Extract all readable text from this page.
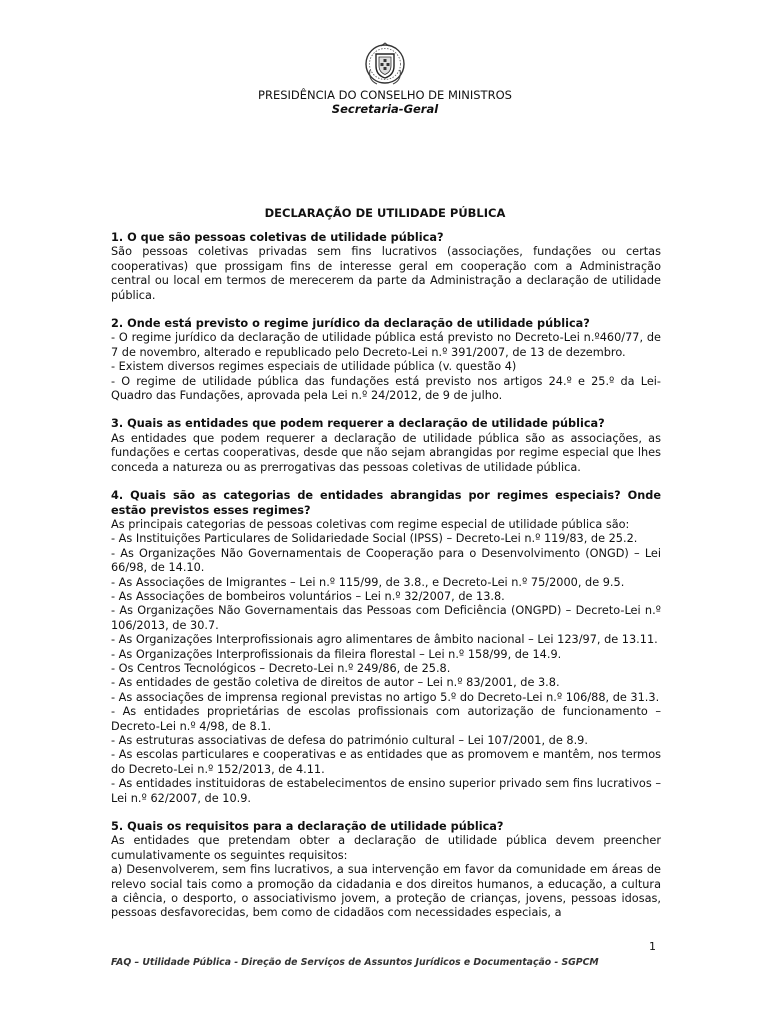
PRESIDÊNCIA DO CONSELHO DE MINISTROS
Secretaria-Geral
DECLARAÇÃO DE UTILIDADE PÚBLICA
1. O que são pessoas coletivas de utilidade pública?

São pessoas coletivas privadas sem fins lucrativos (associações, fundações ou certas cooperativas) que prossigam fins de interesse geral em cooperação com a Administração central ou local em termos de merecerem da parte da Administração a declaração de utilidade pública.

2. Onde está previsto o regime jurídico da declaração de utilidade pública?

- O regime jurídico da declaração de utilidade pública está previsto no Decreto-Lei n.º460/77, de 7 de novembro, alterado e republicado pelo Decreto-Lei n.º 391/2007, de 13 de dezembro.

- Existem diversos regimes especiais de utilidade pública (v. questão 4)

- O regime de utilidade pública das fundações está previsto nos artigos 24.º e 25.º da Lei-Quadro das Fundações, aprovada pela Lei n.º 24/2012, de 9 de julho.

3. Quais as entidades que podem requerer a declaração de utilidade pública?

As entidades que podem requerer a declaração de utilidade pública são as associações, as fundações e certas cooperativas, desde que não sejam abrangidas por regime especial que lhes conceda a natureza ou as prerrogativas das pessoas coletivas de utilidade pública.

4. Quais são as categorias de entidades abrangidas por regimes especiais? Onde estão previstos esses regimes?

As principais categorias de pessoas coletivas com regime especial de utilidade pública são:

- As Instituições Particulares de Solidariedade Social (IPSS) – Decreto-Lei n.º 119/83, de 25.2.

- As Organizações Não Governamentais de Cooperação para o Desenvolvimento (ONGD) – Lei 66/98, de 14.10.

- As Associações de Imigrantes – Lei n.º 115/99, de 3.8., e Decreto-Lei n.º 75/2000, de 9.5.

- As Associações de bombeiros voluntários – Lei n.º 32/2007, de 13.8.

- As Organizações Não Governamentais das Pessoas com Deficiência (ONGPD) – Decreto-Lei n.º 106/2013, de 30.7.

- As Organizações Interprofissionais agro alimentares de âmbito nacional – Lei 123/97, de 13.11.

- As Organizações Interprofissionais da fileira florestal – Lei n.º 158/99, de 14.9.

- Os Centros Tecnológicos – Decreto-Lei n.º 249/86, de 25.8.

- As entidades de gestão coletiva de direitos de autor – Lei n.º 83/2001, de 3.8.

- As associações de imprensa regional previstas no artigo 5.º do Decreto-Lei n.º 106/88, de 31.3.

- As entidades proprietárias de escolas profissionais com autorização de funcionamento – Decreto-Lei n.º 4/98, de 8.1.

- As estruturas associativas de defesa do património cultural – Lei 107/2001, de 8.9.

- As escolas particulares e cooperativas e as entidades que as promovem e mantêm, nos termos do Decreto-Lei n.º 152/2013, de 4.11.

- As entidades instituidoras de estabelecimentos de ensino superior privado sem fins lucrativos – Lei n.º 62/2007, de 10.9.

5. Quais os requisitos para a declaração de utilidade pública?

As entidades que pretendam obter a declaração de utilidade pública devem preencher cumulativamente os seguintes requisitos:

a) Desenvolverem, sem fins lucrativos, a sua intervenção em favor da comunidade em áreas de relevo social tais como a promoção da cidadania e dos direitos humanos, a educação, a cultura a ciência, o desporto, o associativismo jovem, a proteção de crianças, jovens, pessoas idosas, pessoas desfavorecidas, bem como de cidadãos com necessidades especiais, a

1
FAQ – Utilidade Pública - Direção de Serviços de Assuntos Jurídicos e Documentação - SGPCM
